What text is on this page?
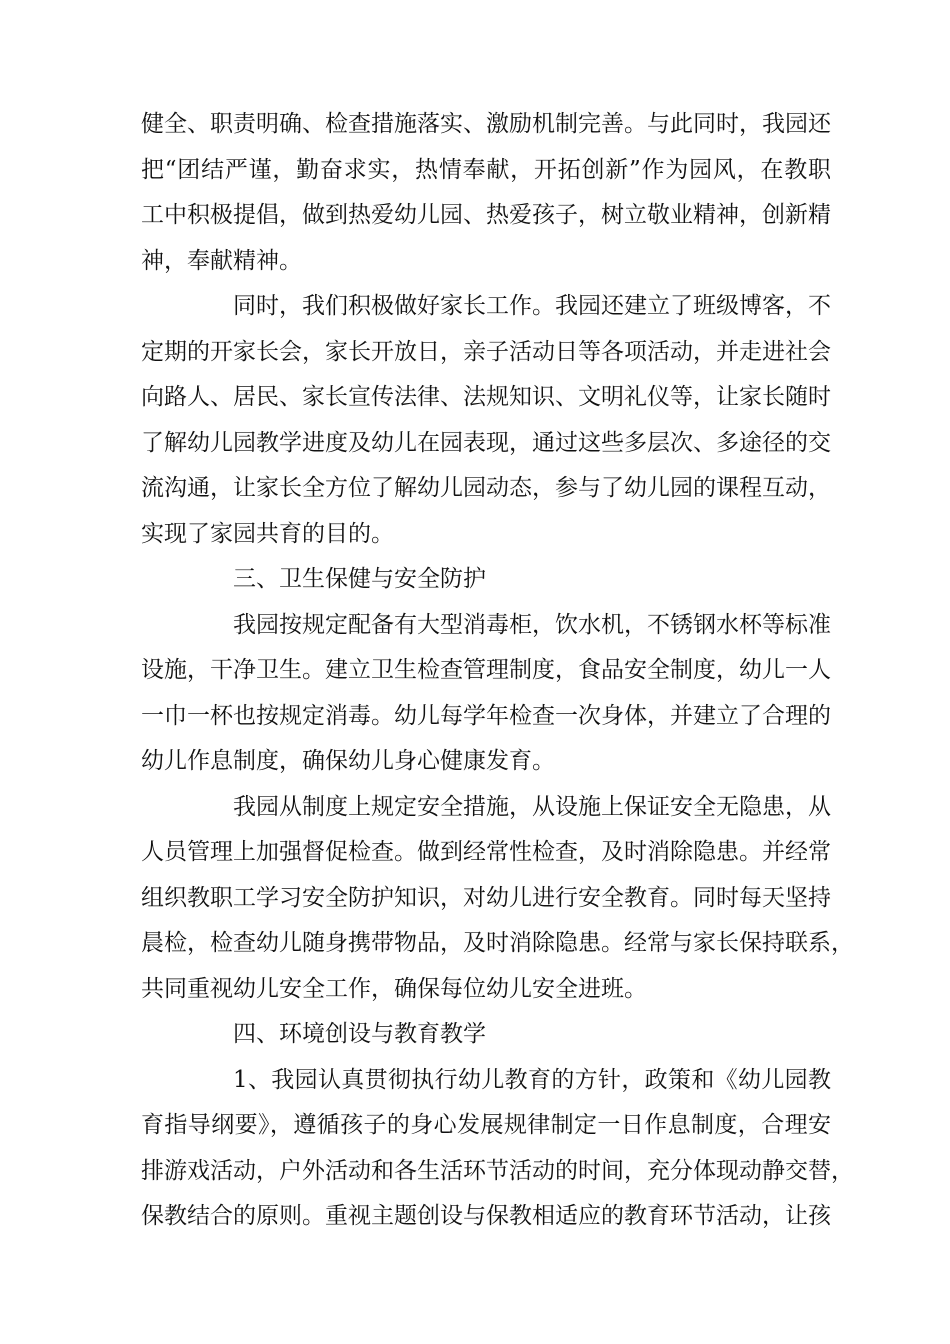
健全、职责明确、检查措施落实、激励机制完善。与此同时，我园还
把“团结严谨，勤奋求实，热情奉献，开拓创新”作为园风，在教职
工中积极提倡，做到热爱幼儿园、热爱孩子，树立敬业精神，创新精
神，奉献精神。
同时，我们积极做好家长工作。我园还建立了班级博客，不
定期的开家长会，家长开放日，亲子活动日等各项活动，并走进社会
向路人、居民、家长宣传法律、法规知识、文明礼仪等，让家长随时
了解幼儿园教学进度及幼儿在园表现，通过这些多层次、多途径的交
流沟通，让家长全方位了解幼儿园动态，参与了幼儿园的课程互动，
实现了家园共育的目的。
三、卫生保健与安全防护
我园按规定配备有大型消毒柜，饮水机，不锈钢水杯等标准
设施，干净卫生。建立卫生检查管理制度，食品安全制度，幼儿一人
一巾一杯也按规定消毒。幼儿每学年检查一次身体，并建立了合理的
幼儿作息制度，确保幼儿身心健康发育。
我园从制度上规定安全措施，从设施上保证安全无隐患，从
人员管理上加强督促检查。做到经常性检查，及时消除隐患。并经常
组织教职工学习安全防护知识，对幼儿进行安全教育。同时每天坚持
晨检，检查幼儿随身携带物品，及时消除隐患。经常与家长保持联系，
共同重视幼儿安全工作，确保每位幼儿安全进班。
四、环境创设与教育教学
1、我园认真贯彻执行幼儿教育的方针，政策和《幼儿园教
育指导纲要》，遵循孩子的身心发展规律制定一日作息制度，合理安
排游戏活动，户外活动和各生活环节活动的时间，充分体现动静交替，
保教结合的原则。重视主题创设与保教相适应的教育环节活动，让孩
